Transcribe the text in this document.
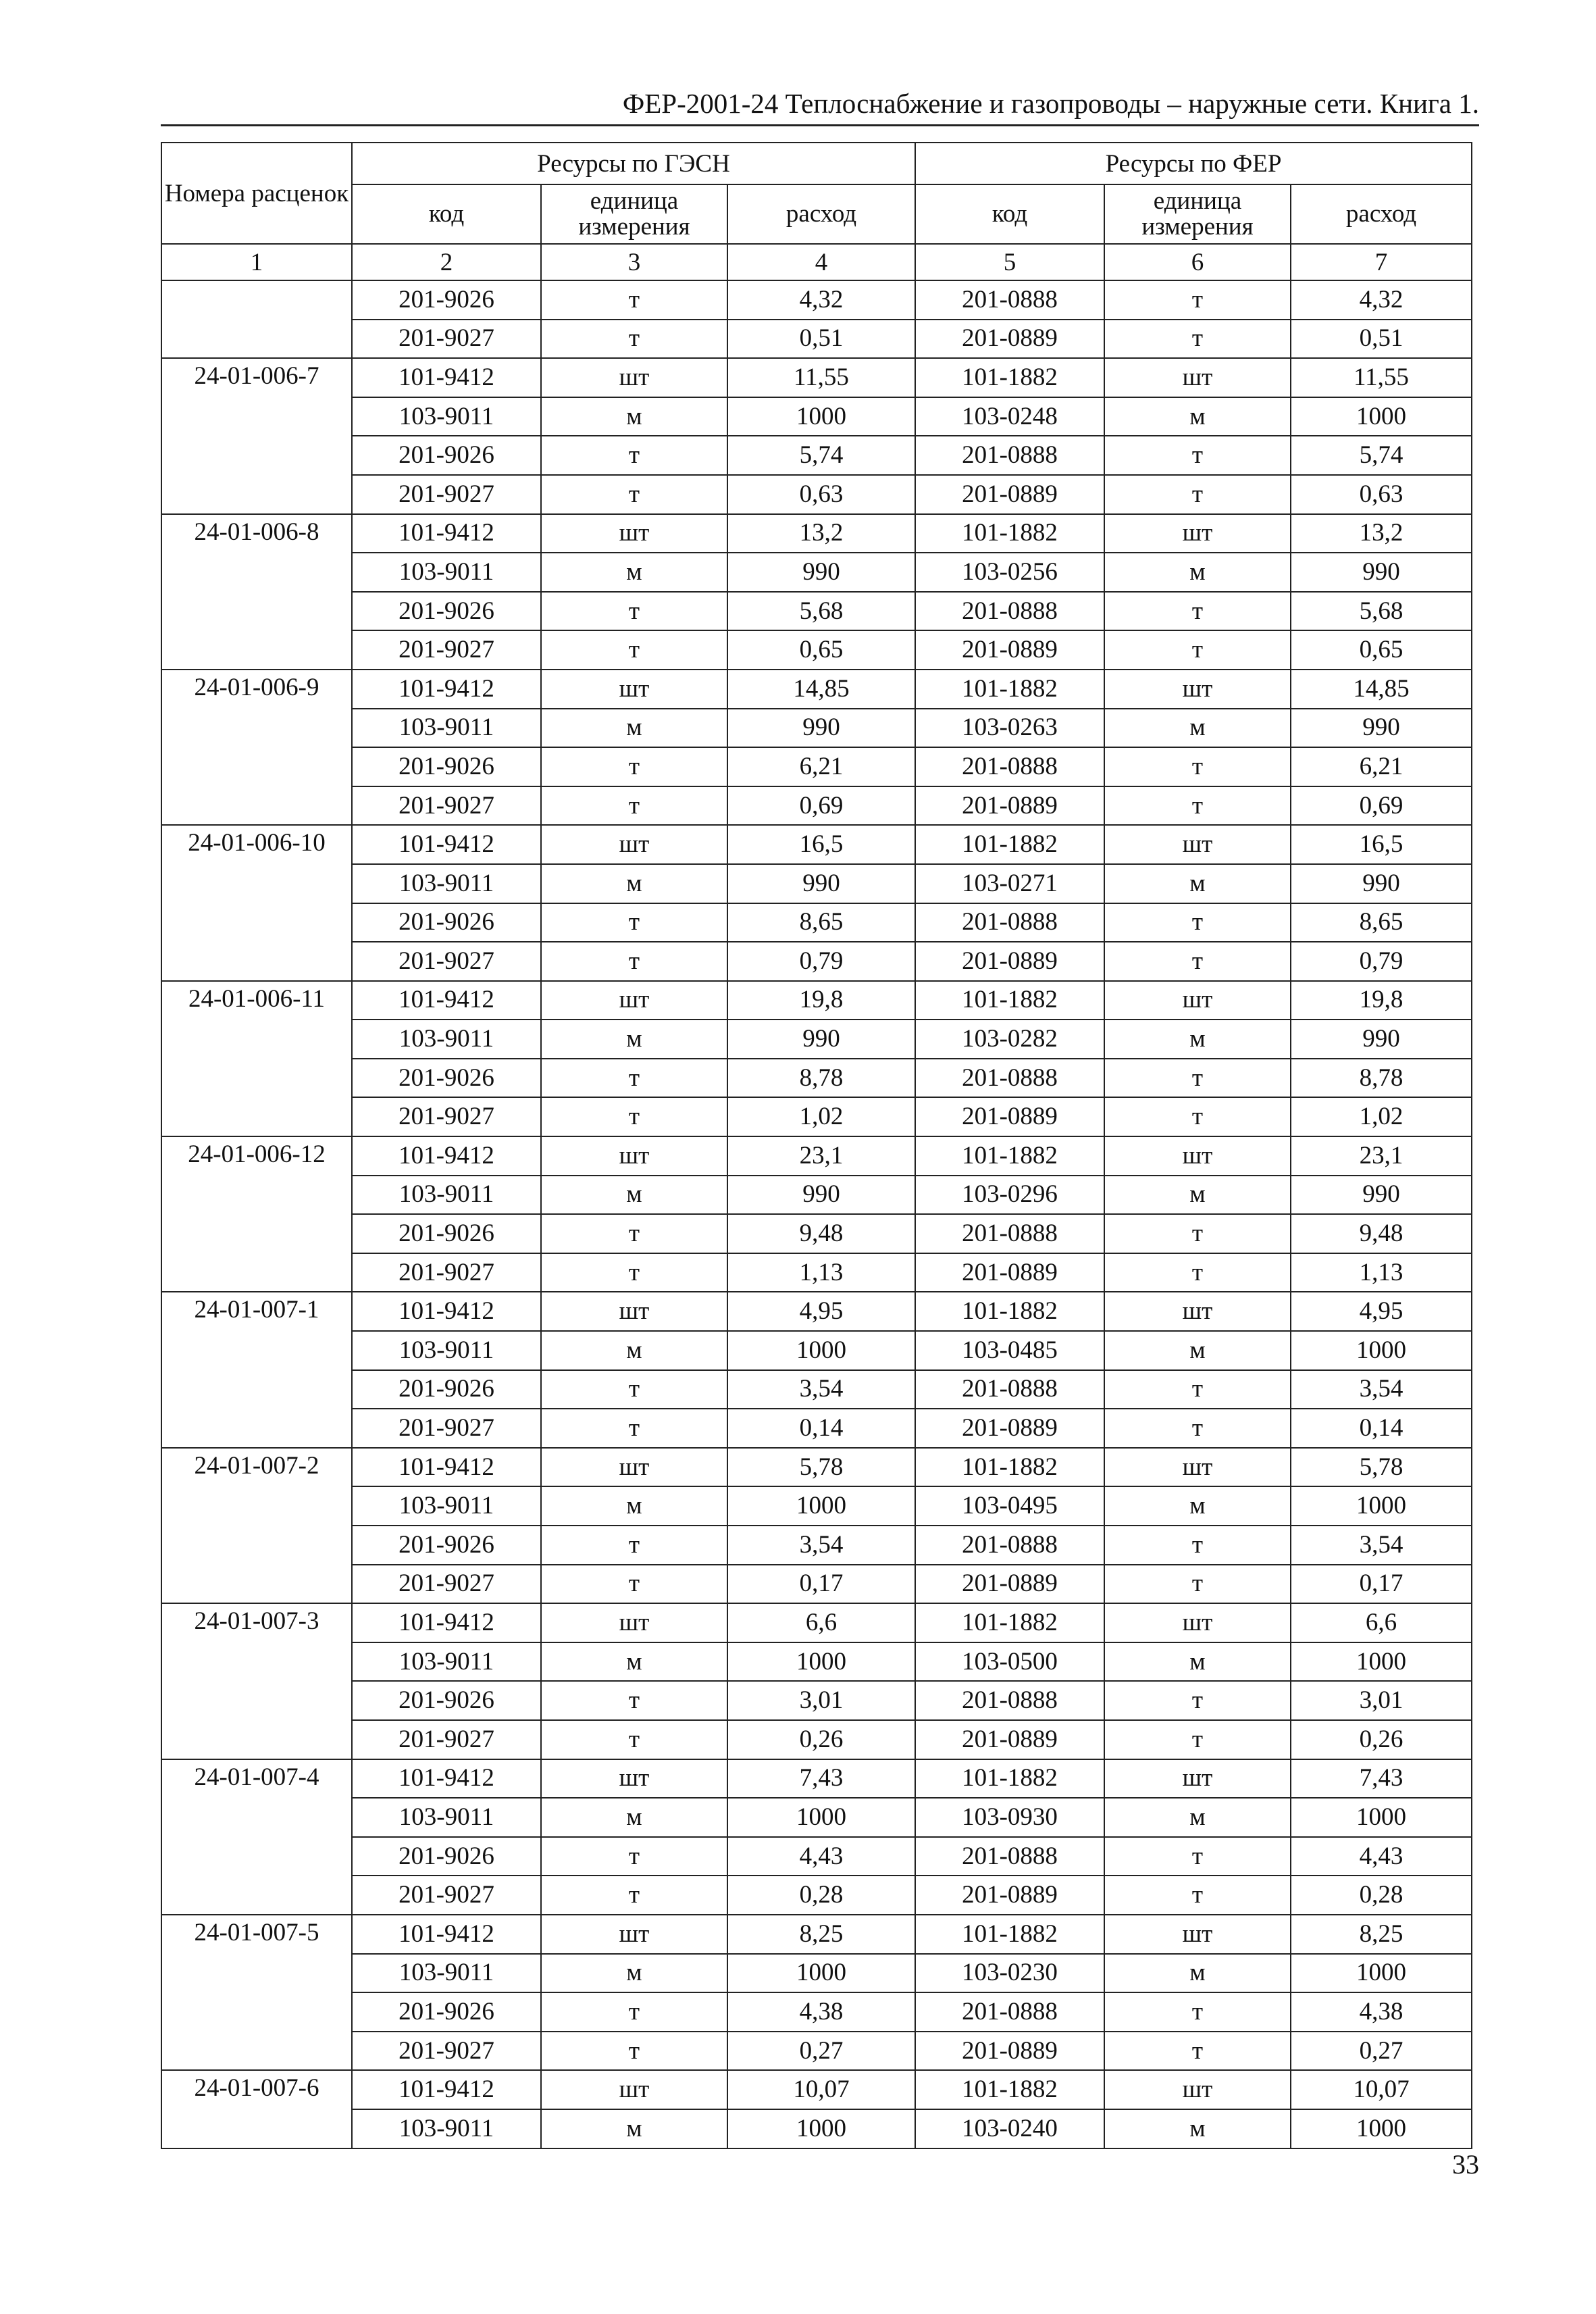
ФЕР-2001-24 Теплоснабжение и газопроводы – наружные сети. Книга 1.
Номера расценок	Ресурсы по ГЭСН			Ресурсы по ФЕР		
	код	единица измерения	расход	код	единица измерения	расход
1	2	3	4	5	6	7
	201-9026	т	4,32	201-0888	т	4,32
	201-9027	т	0,51	201-0889	т	0,51
24-01-006-7	101-9412	шт	11,55	101-1882	шт	11,55
	103-9011	м	1000	103-0248	м	1000
	201-9026	т	5,74	201-0888	т	5,74
	201-9027	т	0,63	201-0889	т	0,63
24-01-006-8	101-9412	шт	13,2	101-1882	шт	13,2
	103-9011	м	990	103-0256	м	990
	201-9026	т	5,68	201-0888	т	5,68
	201-9027	т	0,65	201-0889	т	0,65
24-01-006-9	101-9412	шт	14,85	101-1882	шт	14,85
	103-9011	м	990	103-0263	м	990
	201-9026	т	6,21	201-0888	т	6,21
	201-9027	т	0,69	201-0889	т	0,69
24-01-006-10	101-9412	шт	16,5	101-1882	шт	16,5
	103-9011	м	990	103-0271	м	990
	201-9026	т	8,65	201-0888	т	8,65
	201-9027	т	0,79	201-0889	т	0,79
24-01-006-11	101-9412	шт	19,8	101-1882	шт	19,8
	103-9011	м	990	103-0282	м	990
	201-9026	т	8,78	201-0888	т	8,78
	201-9027	т	1,02	201-0889	т	1,02
24-01-006-12	101-9412	шт	23,1	101-1882	шт	23,1
	103-9011	м	990	103-0296	м	990
	201-9026	т	9,48	201-0888	т	9,48
	201-9027	т	1,13	201-0889	т	1,13
24-01-007-1	101-9412	шт	4,95	101-1882	шт	4,95
	103-9011	м	1000	103-0485	м	1000
	201-9026	т	3,54	201-0888	т	3,54
	201-9027	т	0,14	201-0889	т	0,14
24-01-007-2	101-9412	шт	5,78	101-1882	шт	5,78
	103-9011	м	1000	103-0495	м	1000
	201-9026	т	3,54	201-0888	т	3,54
	201-9027	т	0,17	201-0889	т	0,17
24-01-007-3	101-9412	шт	6,6	101-1882	шт	6,6
	103-9011	м	1000	103-0500	м	1000
	201-9026	т	3,01	201-0888	т	3,01
	201-9027	т	0,26	201-0889	т	0,26
24-01-007-4	101-9412	шт	7,43	101-1882	шт	7,43
	103-9011	м	1000	103-0930	м	1000
	201-9026	т	4,43	201-0888	т	4,43
	201-9027	т	0,28	201-0889	т	0,28
24-01-007-5	101-9412	шт	8,25	101-1882	шт	8,25
	103-9011	м	1000	103-0230	м	1000
	201-9026	т	4,38	201-0888	т	4,38
	201-9027	т	0,27	201-0889	т	0,27
24-01-007-6	101-9412	шт	10,07	101-1882	шт	10,07
	103-9011	м	1000	103-0240	м	1000
33
